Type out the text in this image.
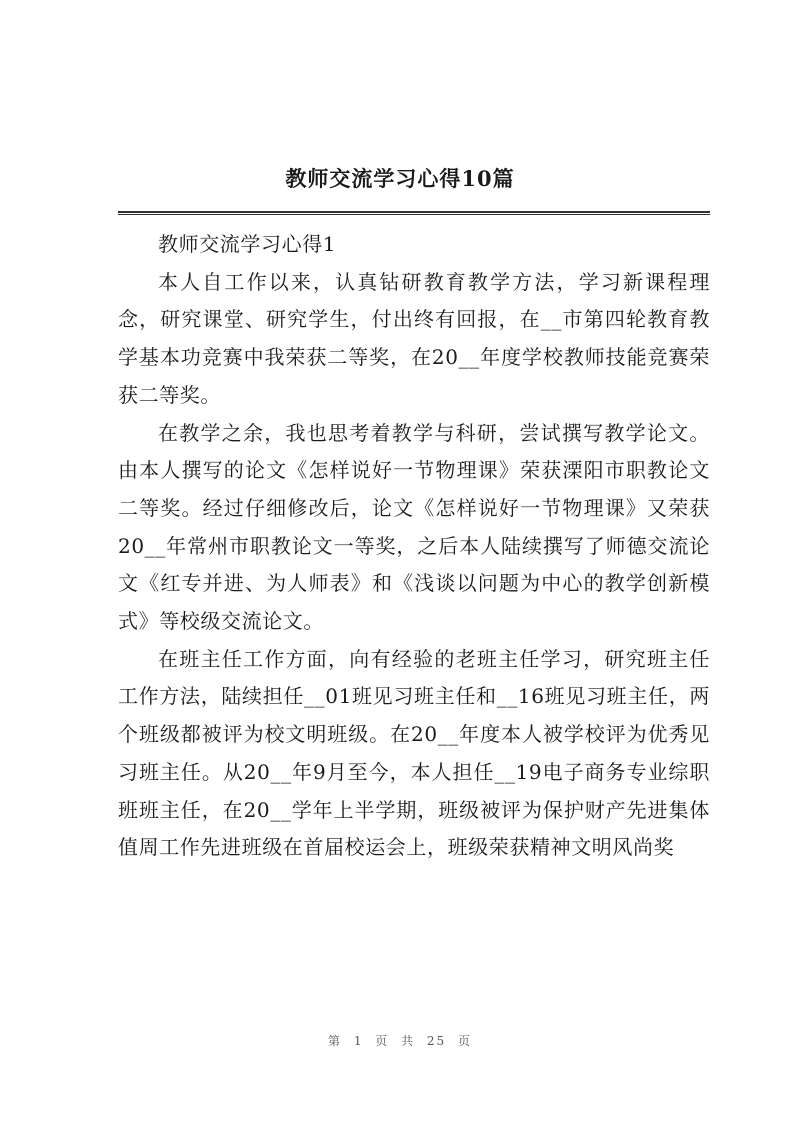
教师交流学习心得10篇

教师交流学习心得1

本人自工作以来，认真钻研教育教学方法，学习新课程理念，研究课堂、研究学生，付出终有回报，在__市第四轮教育教学基本功竞赛中我荣获二等奖，在20__年度学校教师技能竞赛荣获二等奖。

在教学之余，我也思考着教学与科研，尝试撰写教学论文。由本人撰写的论文《怎样说好一节物理课》荣获溧阳市职教论文二等奖。经过仔细修改后，论文《怎样说好一节物理课》又荣获20__年常州市职教论文一等奖，之后本人陆续撰写了师德交流论文《红专并进、为人师表》和《浅谈以问题为中心的教学创新模式》等校级交流论文。

在班主任工作方面，向有经验的老班主任学习，研究班主任工作方法，陆续担任__01班见习班主任和__16班见习班主任，两个班级都被评为校文明班级。在20__年度本人被学校评为优秀见习班主任。从20__年9月至今，本人担任__19电子商务专业综职班班主任，在20__学年上半学期，班级被评为保护财产先进集体值周工作先进班级在首届校运会上，班级荣获精神文明风尚奖

第 1 页 共 25 页
